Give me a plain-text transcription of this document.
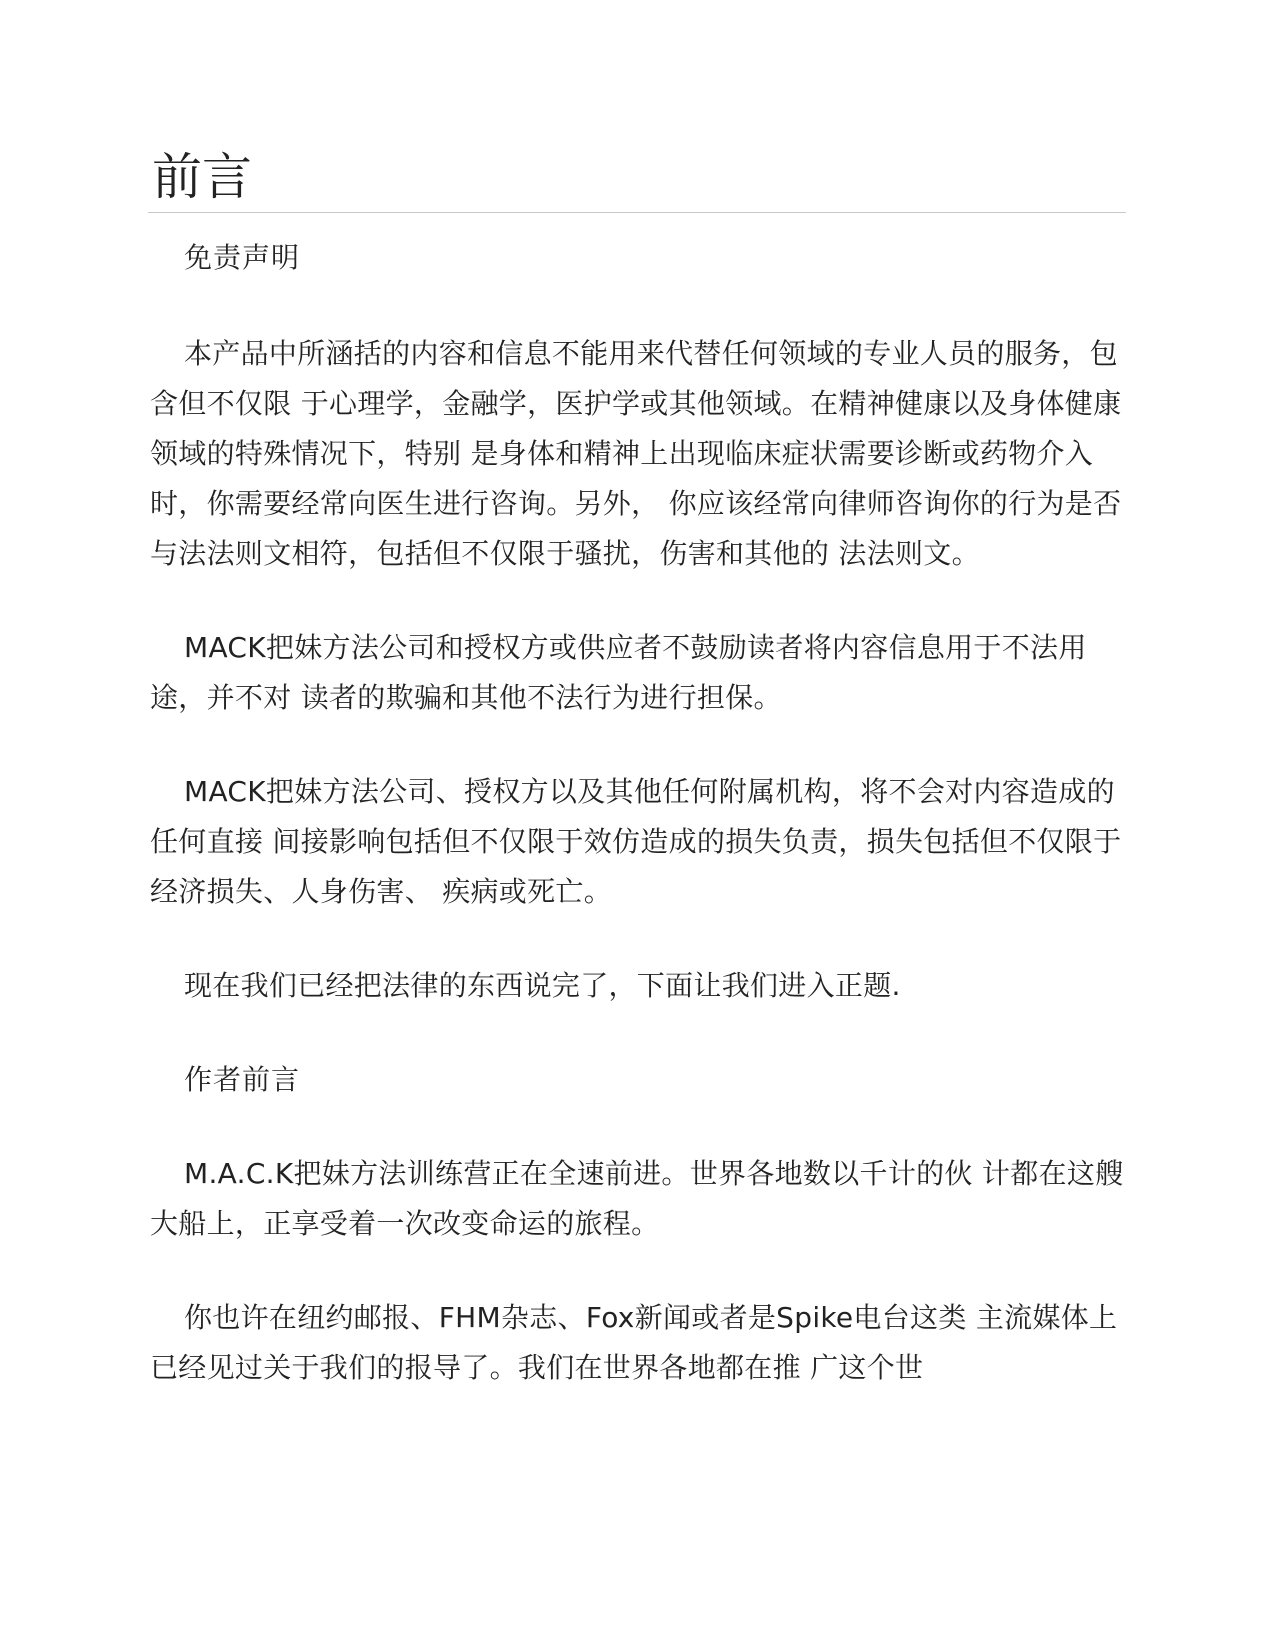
前言

免责声明

本产品中所涵括的内容和信息不能用来代替任何领域的专业人员的服务，包含但不仅限 于心理学，金融学，医护学或其他领域。在精神健康以及身体健康领域的特殊情况下，特别 是身体和精神上出现临床症状需要诊断或药物介入时，你需要经常向医生进行咨询。另外， 你应该经常向律师咨询你的行为是否与法法则文相符，包括但不仅限于骚扰，伤害和其他的 法法则文。

MACK把妹方法公司和授权方或供应者不鼓励读者将内容信息用于不法用途，并不对 读者的欺骗和其他不法行为进行担保。

MACK把妹方法公司、授权方以及其他任何附属机构，将不会对内容造成的任何直接 间接影响包括但不仅限于效仿造成的损失负责，损失包括但不仅限于经济损失、人身伤害、 疾病或死亡。

现在我们已经把法律的东西说完了，下面让我们进入正题.

作者前言

M.A.C.K把妹方法训练营正在全速前进。世界各地数以千计的伙 计都在这艘大船上，正享受着一次改变命运的旅程。

你也许在纽约邮报、FHM杂志、Fox新闻或者是Spike电台这类 主流媒体上已经见过关于我们的报导了。我们在世界各地都在推 广这个世
